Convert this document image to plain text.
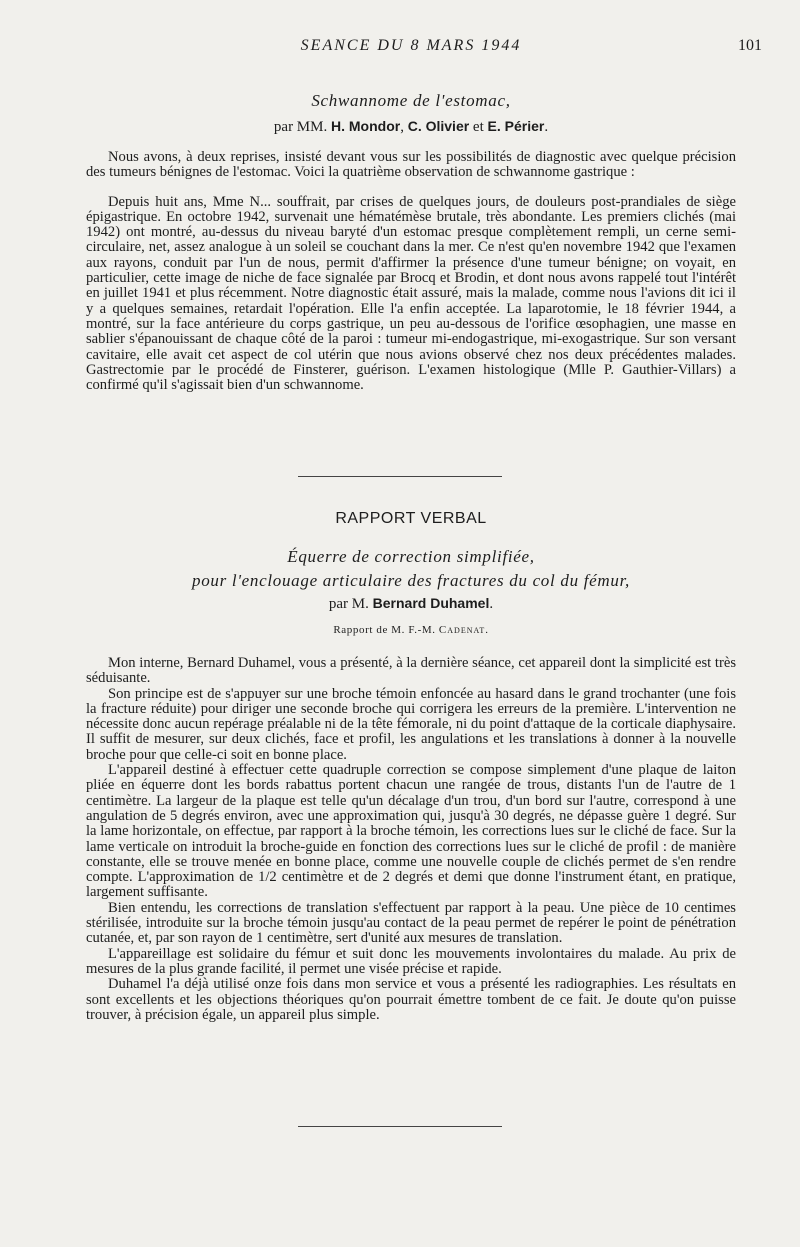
SEANCE DU 8 MARS 1944	101
Schwannome de l'estomac,
par MM. H. Mondor, C. Olivier et E. Périer.

Nous avons, à deux reprises, insisté devant vous sur les possibilités de diagnostic avec quelque précision des tumeurs bénignes de l'estomac. Voici la quatrième observation de schwannome gastrique :

Depuis huit ans, Mme N... souffrait, par crises de quelques jours, de douleurs post-prandiales de siège épigastrique. En octobre 1942, survenait une hématémèse brutale, très abondante. Les premiers clichés (mai 1942) ont montré, au-dessus du niveau baryté d'un estomac presque complètement rempli, un cerne semi-circulaire, net, assez analogue à un soleil se couchant dans la mer. Ce n'est qu'en novembre 1942 que l'examen aux rayons, conduit par l'un de nous, permit d'affirmer la présence d'une tumeur bénigne; on voyait, en particulier, cette image de niche de face signalée par Brocq et Brodin, et dont nous avons rappelé tout l'intérêt en juillet 1941 et plus récemment. Notre diagnostic était assuré, mais la malade, comme nous l'avions dit ici il y a quelques semaines, retardait l'opération. Elle l'a enfin acceptée. La laparotomie, le 18 février 1944, a montré, sur la face antérieure du corps gastrique, un peu au-dessous de l'orifice œsophagien, une masse en sablier s'épanouissant de chaque côté de la paroi : tumeur mi-endogastrique, mi-exogastrique. Sur son versant cavitaire, elle avait cet aspect de col utérin que nous avions observé chez nos deux précédentes malades. Gastrectomie par le procédé de Finsterer, guérison. L'examen histologique (Mlle P. Gauthier-Villars) a confirmé qu'il s'agissait bien d'un schwannome.

RAPPORT VERBAL
Équerre de correction simplifiée,
pour l'enclouage articulaire des fractures du col du fémur,
par M. Bernard Duhamel.
Rapport de M. F.-M. Cadenat.

Mon interne, Bernard Duhamel, vous a présenté, à la dernière séance, cet appareil dont la simplicité est très séduisante.

Son principe est de s'appuyer sur une broche témoin enfoncée au hasard dans le grand trochanter (une fois la fracture réduite) pour diriger une seconde broche qui corrigera les erreurs de la première. L'intervention ne nécessite donc aucun repérage préalable ni de la tête fémorale, ni du point d'attaque de la corticale diaphysaire. Il suffit de mesurer, sur deux clichés, face et profil, les angulations et les translations à donner à la nouvelle broche pour que celle-ci soit en bonne place.

L'appareil destiné à effectuer cette quadruple correction se compose simplement d'une plaque de laiton pliée en équerre dont les bords rabattus portent chacun une rangée de trous, distants l'un de l'autre de 1 centimètre. La largeur de la plaque est telle qu'un décalage d'un trou, d'un bord sur l'autre, correspond à une angulation de 5 degrés environ, avec une approximation qui, jusqu'à 30 degrés, ne dépasse guère 1 degré. Sur la lame horizontale, on effectue, par rapport à la broche témoin, les corrections lues sur le cliché de face. Sur la lame verticale on introduit la broche-guide en fonction des corrections lues sur le cliché de profil : de manière constante, elle se trouve menée en bonne place, comme une nouvelle couple de clichés permet de s'en rendre compte. L'approximation de 1/2 centimètre et de 2 degrés et demi que donne l'instrument étant, en pratique, largement suffisante.

Bien entendu, les corrections de translation s'effectuent par rapport à la peau. Une pièce de 10 centimes stérilisée, introduite sur la broche témoin jusqu'au contact de la peau permet de repérer le point de pénétration cutanée, et, par son rayon de 1 centimètre, sert d'unité aux mesures de translation.

L'appareillage est solidaire du fémur et suit donc les mouvements involontaires du malade. Au prix de mesures de la plus grande facilité, il permet une visée précise et rapide.

Duhamel l'a déjà utilisé onze fois dans mon service et vous a présenté les radiographies. Les résultats en sont excellents et les objections théoriques qu'on pourrait émettre tombent de ce fait. Je doute qu'on puisse trouver, à précision égale, un appareil plus simple.
